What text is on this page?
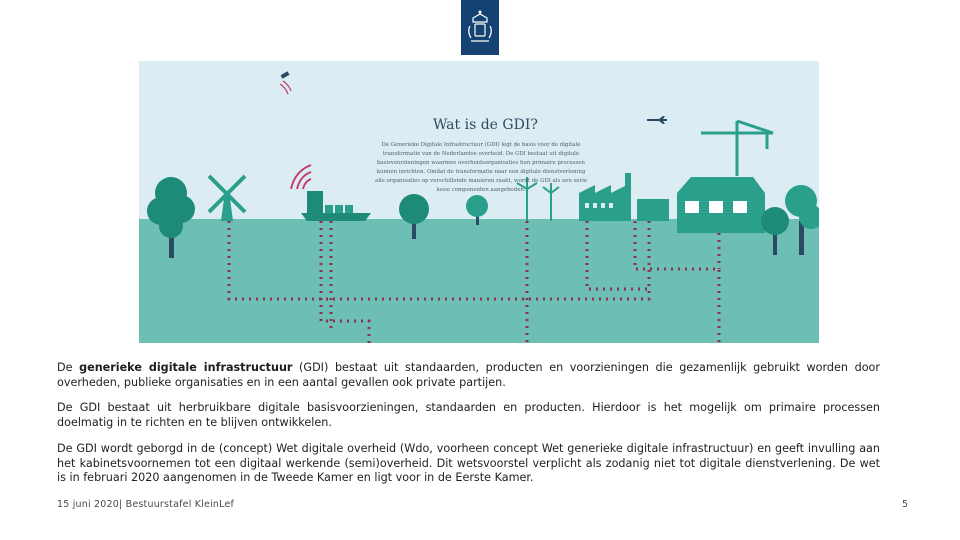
Wat is de GDI?
De Generieke Digitale Infrastructuur (GDI) legt de basis voor de digitale transformatie van de Nederlandse overheid. De GDI bestaat uit digitale basisvoorzieningen waarmee overheidsorganisaties hun primaire processen kunnen inrichten. Omdat de transformatie naar een digitale dienstverlening alle organisaties op verschillende manieren raakt, wordt de GDI als een serie losse componenten aangeboden.
De generieke digitale infrastructuur (GDI) bestaat uit standaarden, producten en voorzieningen die gezamenlijk gebruikt worden door overheden, publieke organisaties en in een aantal gevallen ook private partijen.
De GDI bestaat uit herbruikbare digitale basisvoorzieningen, standaarden en producten. Hierdoor is het mogelijk om primaire processen doelmatig in te richten en te blijven ontwikkelen.
De GDI wordt geborgd in de (concept) Wet digitale overheid (Wdo, voorheen concept Wet generieke digitale infrastructuur) en geeft invulling aan het kabinetsvoornemen tot een digitaal werkende (semi)overheid. Dit wetsvoorstel verplicht als zodanig niet tot digitale dienstverlening. De wet is in februari 2020 aangenomen in de Tweede Kamer en ligt voor in de Eerste Kamer.
15 juni 2020| Bestuurstafel KleinLef	5
